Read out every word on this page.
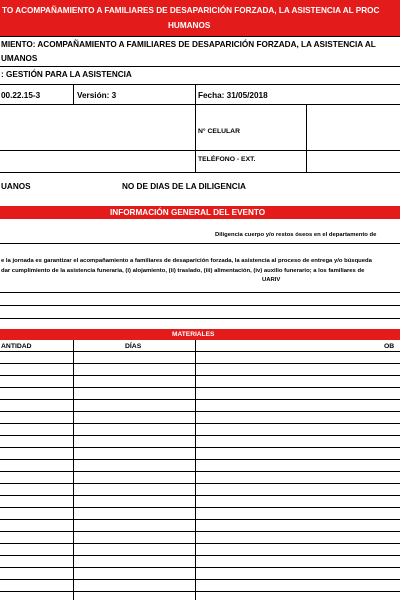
TO ACOMPAÑAMIENTO A FAMILIARES DE DESAPARICIÓN FORZADA, LA ASISTENCIA AL PROC
HUMANOS
MIENTO: ACOMPAÑAMIENTO A FAMILIARES DE DESAPARICIÓN FORZADA, LA ASISTENCIA AL
UMANOS
: GESTIÓN PARA LA ASISTENCIA
00.22.15-3	Versión: 3	Fecha: 31/05/2018
N° CELULAR
TELÉFONO - EXT.
UANOS	NO DE DIAS DE LA DILIGENCIA
INFORMACIÓN GENERAL DEL EVENTO
Diligencia cuerpo y/o restos óseos en el departamento de
e la jornada es garantizar el acompañamiento a familiares de desaparición forzada, la asistencia al proceso de entrega y/o búsqueda
dar cumplimiento de la asistencia funeraria, (i) alojamiento, (ii) traslado, (iii) alimentación, (iv) auxilio funerario; a los familiares de
UARIV
MATERIALES
ANTIDAD	DÍAS	OB
